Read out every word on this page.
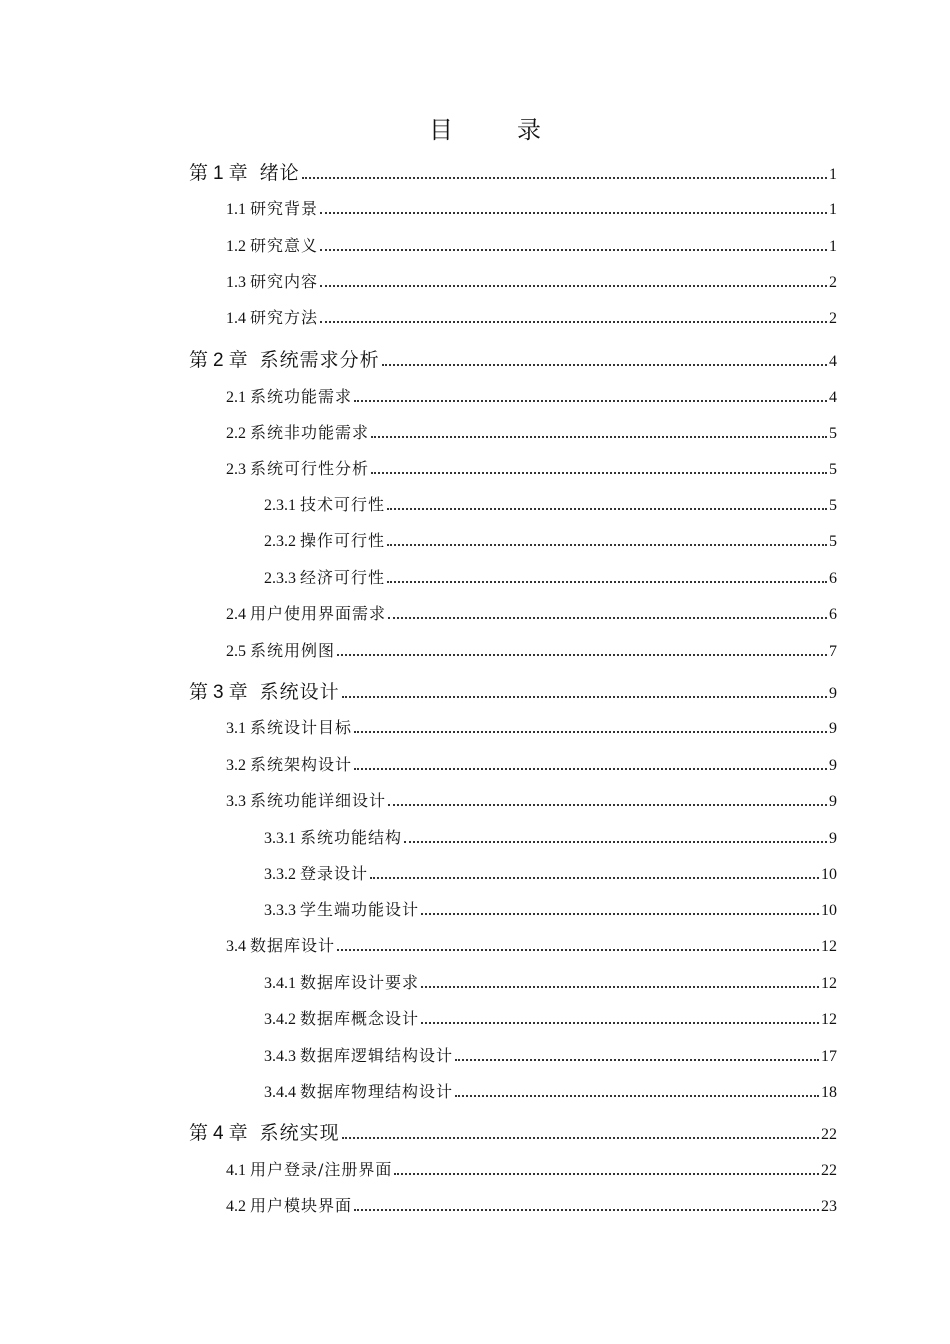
目　录
第 1 章 绪论	1
1.1 研究背景	1
1.2 研究意义	1
1.3 研究内容	2
1.4 研究方法	2
第 2 章 系统需求分析	4
2.1 系统功能需求	4
2.2 系统非功能需求	5
2.3 系统可行性分析	5
2.3.1 技术可行性	5
2.3.2 操作可行性	5
2.3.3 经济可行性	6
2.4 用户使用界面需求	6
2.5 系统用例图	7
第 3 章 系统设计	9
3.1 系统设计目标	9
3.2 系统架构设计	9
3.3 系统功能详细设计	9
3.3.1 系统功能结构	9
3.3.2 登录设计	10
3.3.3 学生端功能设计	10
3.4 数据库设计	12
3.4.1 数据库设计要求	12
3.4.2 数据库概念设计	12
3.4.3 数据库逻辑结构设计	17
3.4.4 数据库物理结构设计	18
第 4 章 系统实现	22
4.1 用户登录/注册界面	22
4.2 用户模块界面	23
